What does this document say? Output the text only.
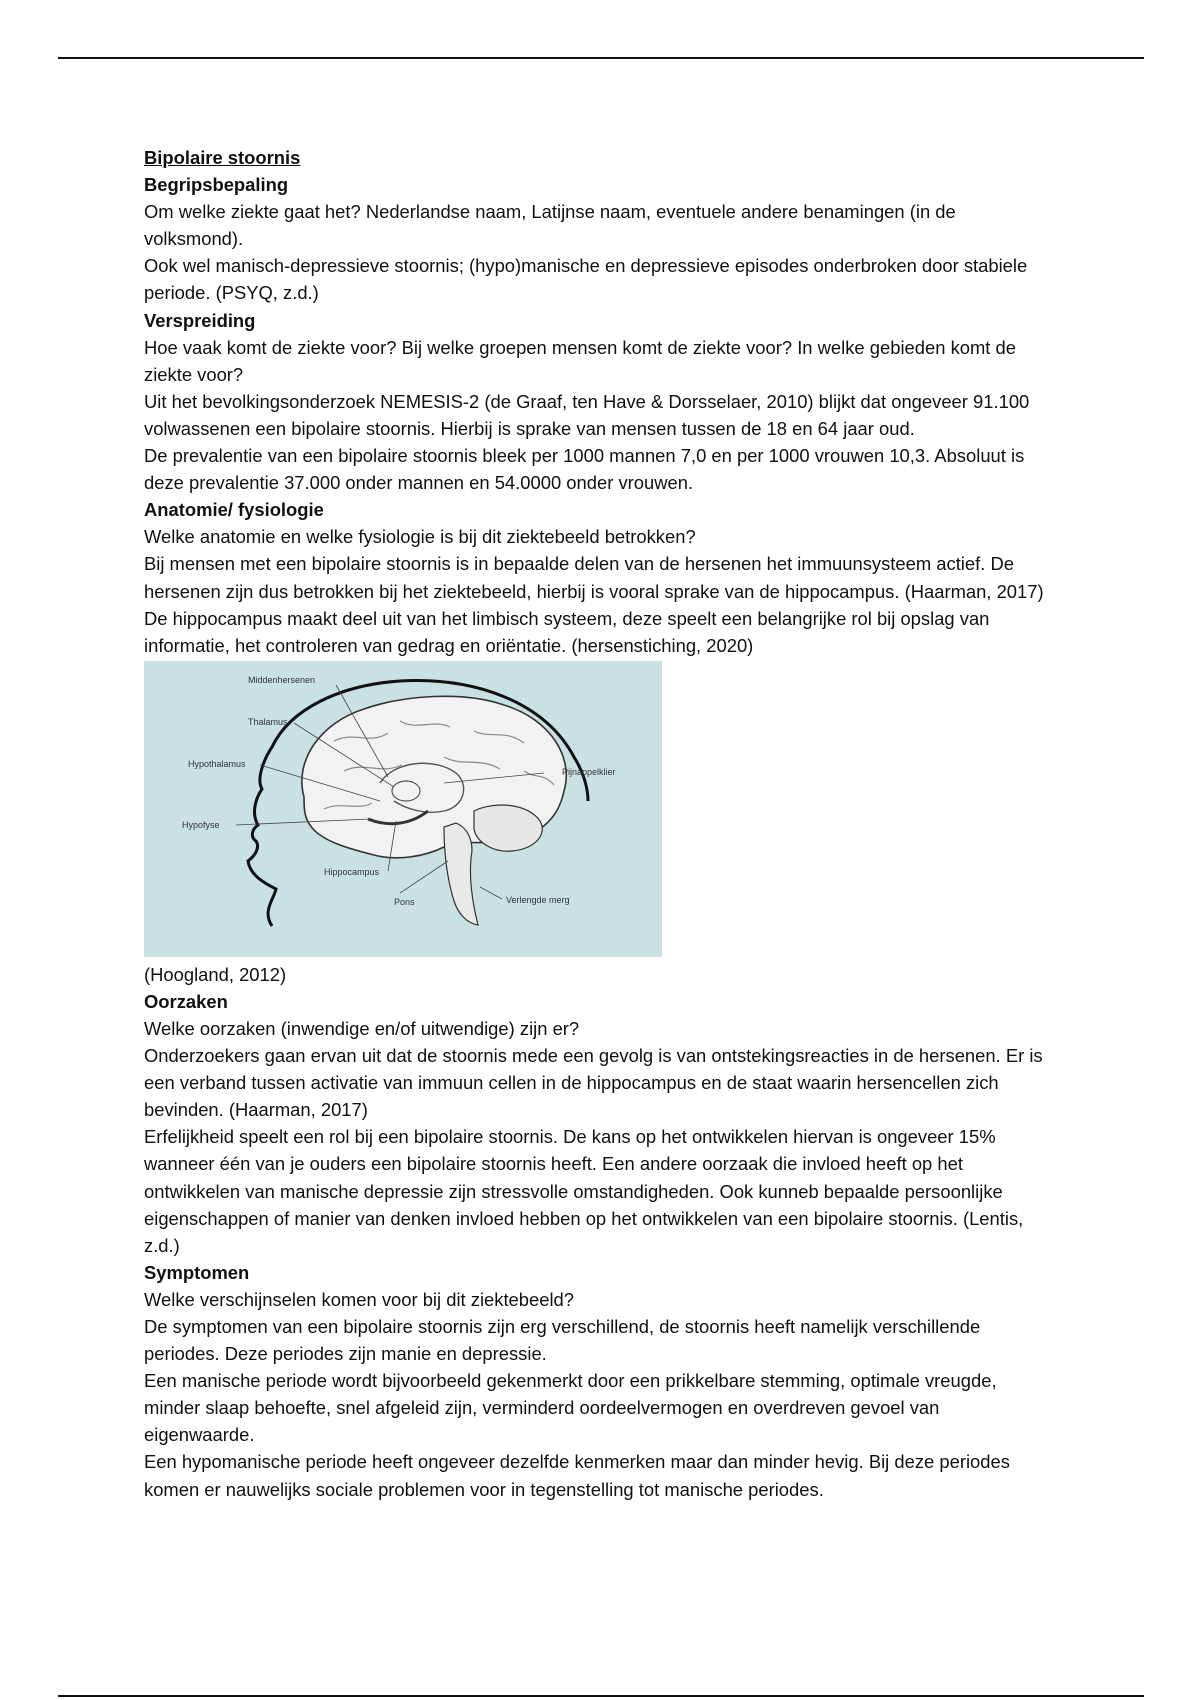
Bipolaire stoornis

Begripsbepaling

Om welke ziekte gaat het? Nederlandse naam, Latijnse naam, eventuele andere benamingen (in de volksmond).

Ook wel manisch-depressieve stoornis; (hypo)manische en depressieve episodes onderbroken door stabiele periode. (PSYQ, z.d.)

Verspreiding

Hoe vaak komt de ziekte voor? Bij welke groepen mensen komt de ziekte voor? In welke gebieden komt de ziekte voor?

Uit het bevolkingsonderzoek NEMESIS-2 (de Graaf, ten Have & Dorsselaer, 2010) blijkt dat ongeveer 91.100 volwassenen een bipolaire stoornis. Hierbij is sprake van mensen tussen de 18 en 64 jaar oud.

De prevalentie van een bipolaire stoornis bleek per 1000 mannen 7,0 en per 1000 vrouwen 10,3. Absoluut is deze prevalentie 37.000 onder mannen en 54.0000 onder vrouwen.

Anatomie/ fysiologie

Welke anatomie en welke fysiologie is bij dit ziektebeeld betrokken?

Bij mensen met een bipolaire stoornis is in bepaalde delen van de hersenen het immuunsysteem actief. De hersenen zijn dus betrokken bij het ziektebeeld, hierbij is vooral sprake van de hippocampus. (Haarman, 2017)

De hippocampus maakt deel uit van het limbisch systeem, deze speelt een belangrijke rol bij opslag van informatie, het controleren van gedrag en oriëntatie. (hersenstiching, 2020)

Middenhersenen
Thalamus
Hypothalamus
Hypofyse
Hippocampus
Pons
Pijnappelklier
Verlengde merg

(Hoogland, 2012)

Oorzaken

Welke oorzaken (inwendige en/of uitwendige) zijn er?

Onderzoekers gaan ervan uit dat de stoornis mede een gevolg is van ontstekingsreacties in de hersenen. Er is een verband tussen activatie van immuun cellen in de hippocampus en de staat waarin hersencellen zich bevinden. (Haarman, 2017)

Erfelijkheid speelt een rol bij een bipolaire stoornis. De kans op het ontwikkelen hiervan is ongeveer 15% wanneer één van je ouders een bipolaire stoornis heeft. Een andere oorzaak die invloed heeft op het ontwikkelen van manische depressie zijn stressvolle omstandigheden. Ook kunneb bepaalde persoonlijke eigenschappen of manier van denken invloed hebben op het ontwikkelen van een bipolaire stoornis. (Lentis, z.d.)

Symptomen

Welke verschijnselen komen voor bij dit ziektebeeld?

De symptomen van een bipolaire stoornis zijn erg verschillend, de stoornis heeft namelijk verschillende periodes. Deze periodes zijn manie en depressie.

Een manische periode wordt bijvoorbeeld gekenmerkt door een prikkelbare stemming, optimale vreugde, minder slaap behoefte, snel afgeleid zijn, verminderd oordeelvermogen en overdreven gevoel van eigenwaarde.

Een hypomanische periode heeft ongeveer dezelfde kenmerken maar dan minder hevig. Bij deze periodes komen er nauwelijks sociale problemen voor in tegenstelling tot manische periodes.
